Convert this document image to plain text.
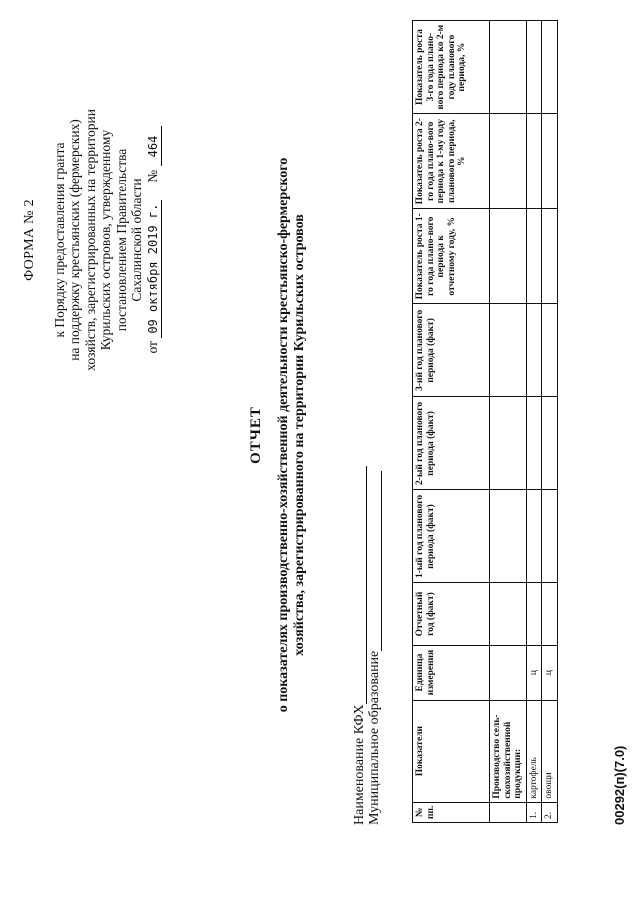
ФОРМА № 2 к Порядку предоставления гранта на поддержку крестьянских (фермерских) хозяйств, зарегистрированных на территории Курильских островов, утвержденному постановлением Правительства Сахалинской области
от 09 октября 2019 г.     № 464
ОТЧЕТ о показателях производственно-хозяйственной деятельности крестьянско-фермерского хозяйства, зарегистрированного на территории Курильских островов
Наименование КФХ Муниципальное образование	№ пп.	Показатели	Единица измерения	Отчетный год (факт)	1-ый год планового периода (факт)	2-ый год планового периода (факт)	3-ий год планового периода (факт)	Показатель роста 1-го года плано-вого периода к отчетному году, %	Показатель роста 2-го года плано-вого периода к 1-му году планового периода, %	Показатель роста 3-го года плано-вого периода ко 2-м году планового периода, %
	Производство сель-скохозяйственной продукции:								
1.	картофель	ц							
2.	овощи	ц							
00292(п)(7.0)
